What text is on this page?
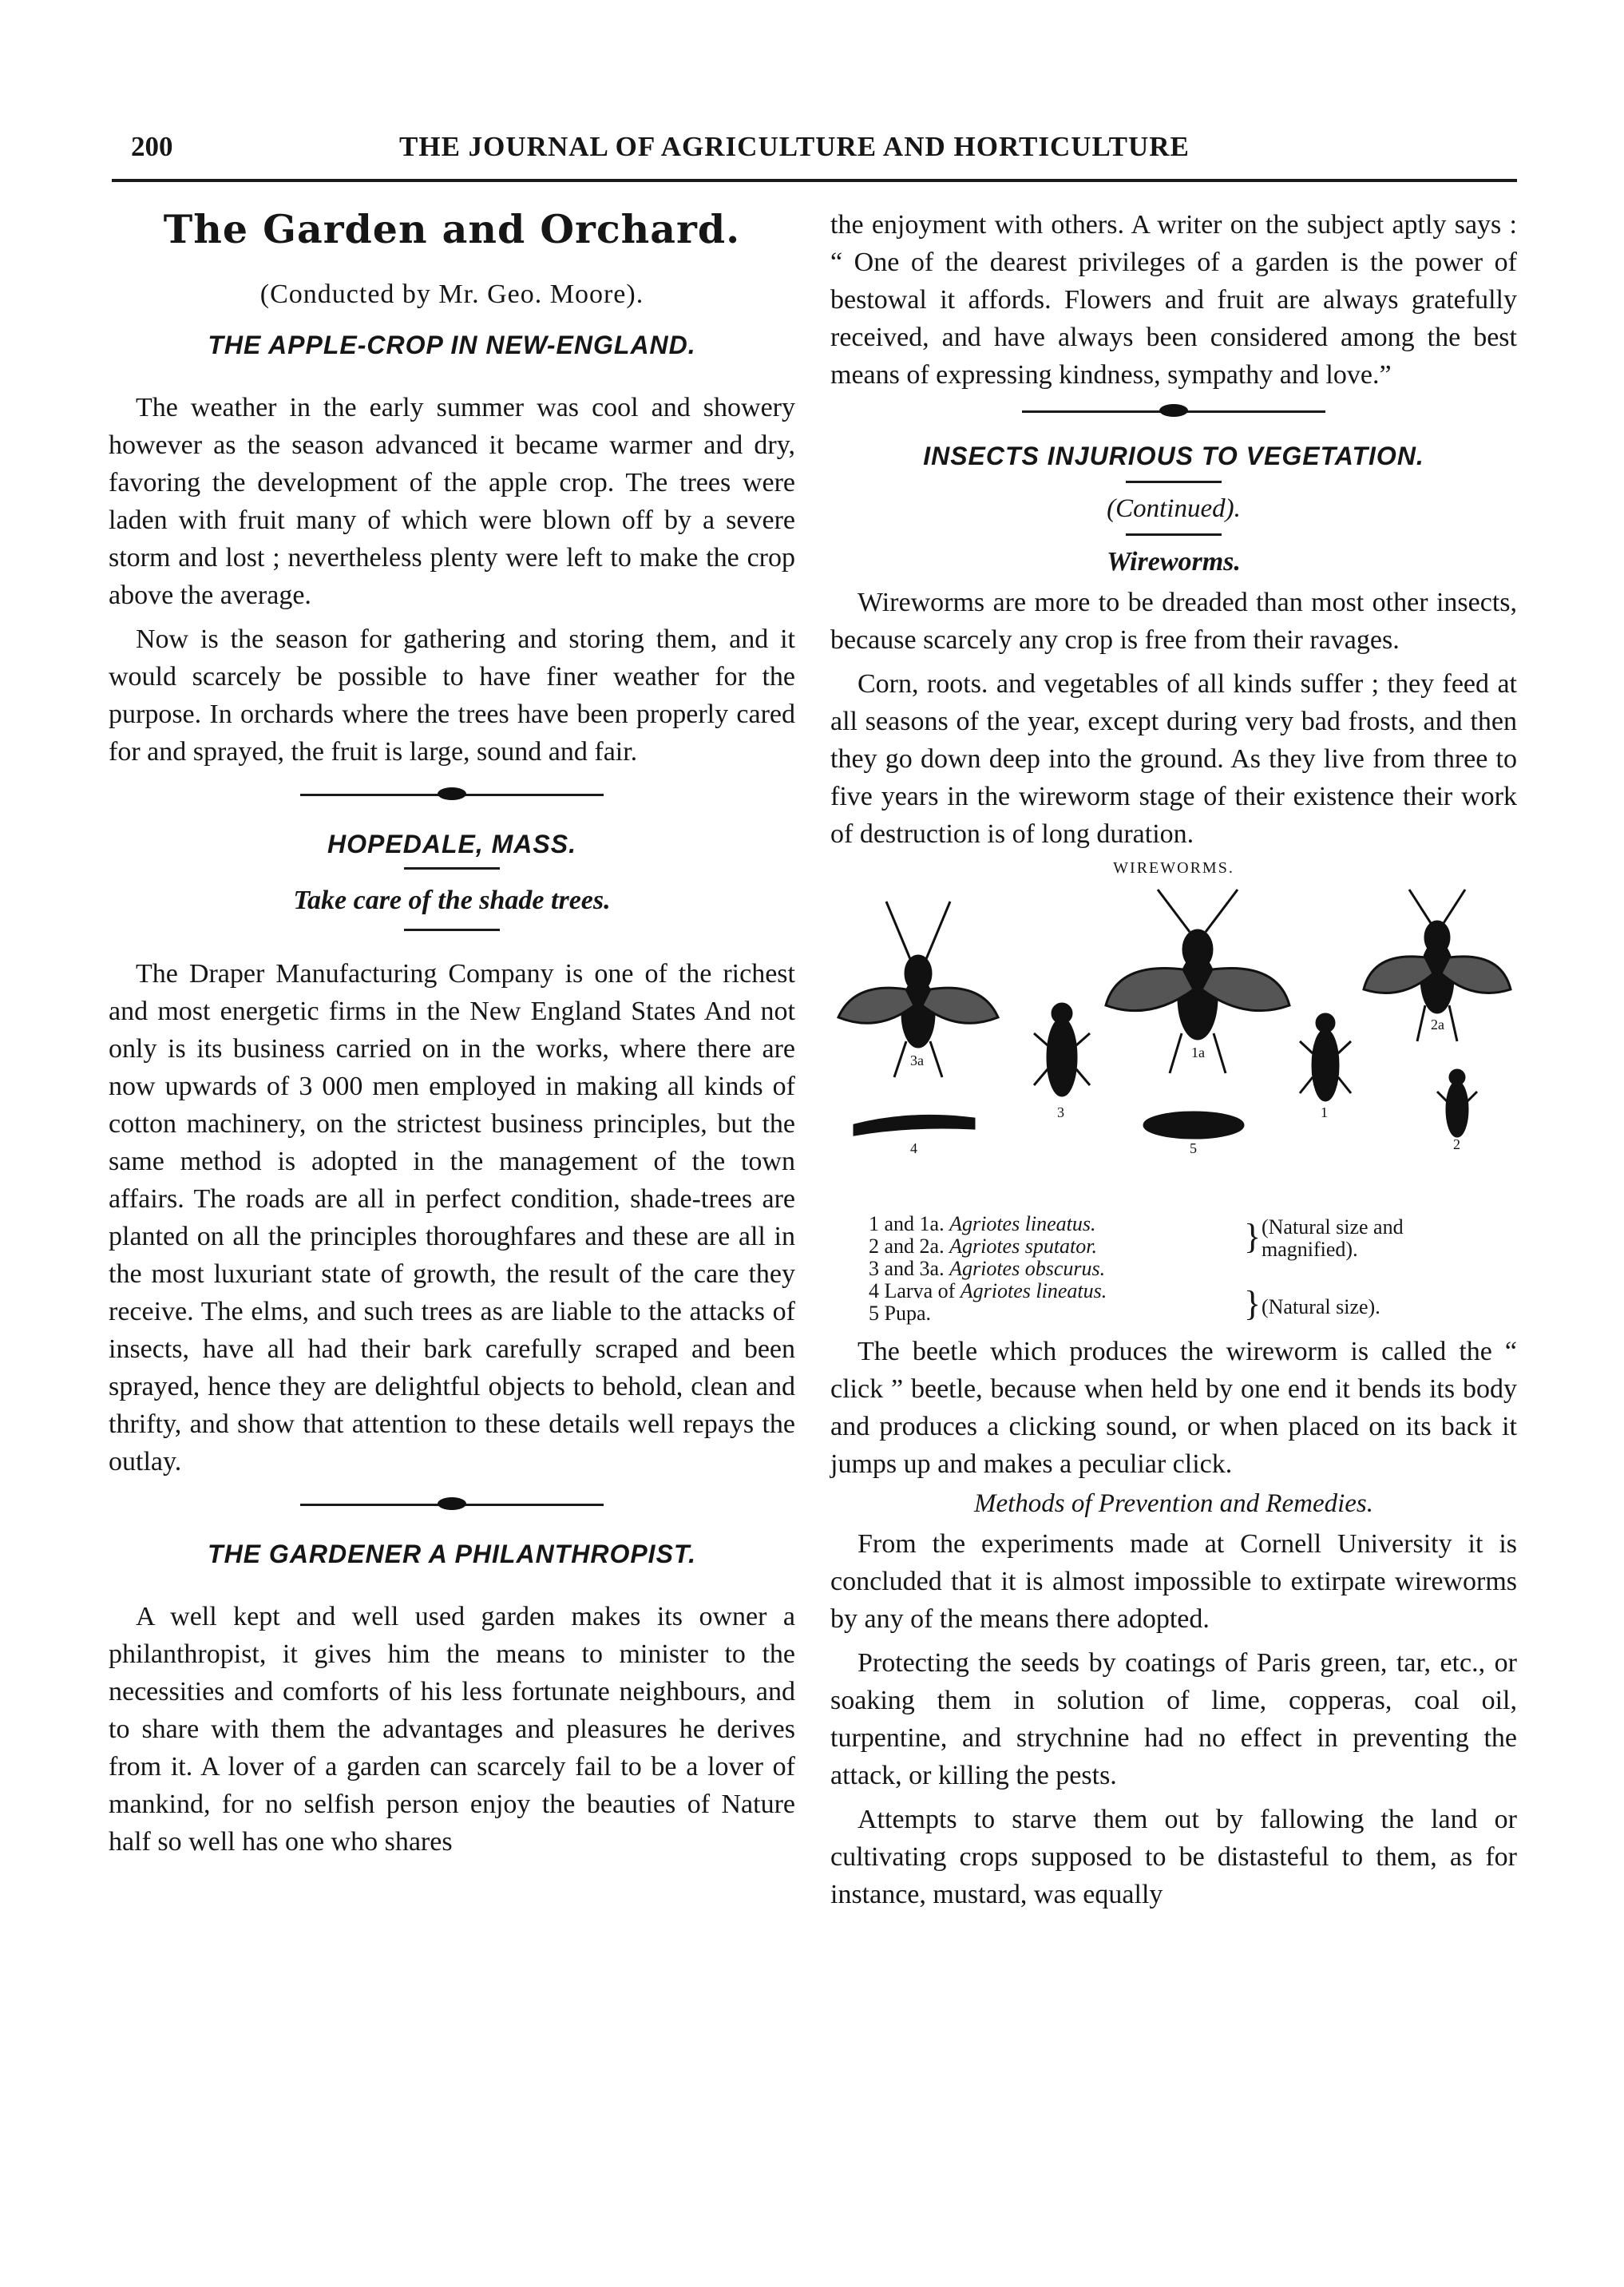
200	THE JOURNAL OF AGRICULTURE AND HORTICULTURE
The Garden and Orchard.
(Conducted by Mr. Geo. Moore).
THE APPLE-CROP IN NEW-ENGLAND.

The weather in the early summer was cool and showery however as the season advanced it became warmer and dry, favoring the development of the apple crop. The trees were laden with fruit many of which were blown off by a severe storm and lost ; nevertheless plenty were left to make the crop above the average.

Now is the season for gathering and storing them, and it would scarcely be possible to have finer weather for the purpose. In orchards where the trees have been properly cared for and sprayed, the fruit is large, sound and fair.

HOPEDALE, MASS.
Take care of the shade trees.

The Draper Manufacturing Company is one of the richest and most energetic firms in the New England States And not only is its business carried on in the works, where there are now upwards of 3 000 men employed in making all kinds of cotton machinery, on the strictest business principles, but the same method is adopted in the management of the town affairs. The roads are all in perfect condition, shade-trees are planted on all the principles thoroughfares and these are all in the most luxuriant state of growth, the result of the care they receive. The elms, and such trees as are liable to the attacks of insects, have all had their bark carefully scraped and been sprayed, hence they are delightful objects to behold, clean and thrifty, and show that attention to these details well repays the outlay.

THE GARDENER A PHILANTHROPIST.

A well kept and well used garden makes its owner a philanthropist, it gives him the means to minister to the necessities and comforts of his less fortunate neighbours, and to share with them the advantages and pleasures he derives from it. A lover of a garden can scarcely fail to be a lover of mankind, for no selfish person enjoy the beauties of Nature half so well has one who shares

the enjoyment with others. A writer on the subject aptly says : “ One of the dearest privileges of a garden is the power of bestowal it affords. Flowers and fruit are always gratefully received, and have always been considered among the best means of expressing kindness, sympathy and love.”

INSECTS INJURIOUS TO VEGETATION.
(Continued).
Wireworms.

Wireworms are more to be dreaded than most other insects, because scarcely any crop is free from their ravages.

Corn, roots. and vegetables of all kinds suffer ; they feed at all seasons of the year, except during very bad frosts, and then they go down deep into the ground. As they live from three to five years in the wireworm stage of their existence their work of destruction is of long duration.

WIREWORMS.
3a
3
1a
1
2a
2
4	5
1 and 1a. Agriotes lineatus.
2 and 2a. Agriotes sputator.
3 and 3a. Agriotes obscurus.
4 Larva of Agriotes lineatus.
5 Pupa.
}
}
(Natural size and magnified).
(Natural size).

The beetle which produces the wireworm is called the “ click ” beetle, because when held by one end it bends its body and produces a clicking sound, or when placed on its back it jumps up and makes a peculiar click.

Methods of Prevention and Remedies.

From the experiments made at Cornell University it is concluded that it is almost impossible to extirpate wireworms by any of the means there adopted.

Protecting the seeds by coatings of Paris green, tar, etc., or soaking them in solution of lime, copperas, coal oil, turpentine, and strychnine had no effect in preventing the attack, or killing the pests.

Attempts to starve them out by fallowing the land or cultivating crops supposed to be distasteful to them, as for instance, mustard, was equally
